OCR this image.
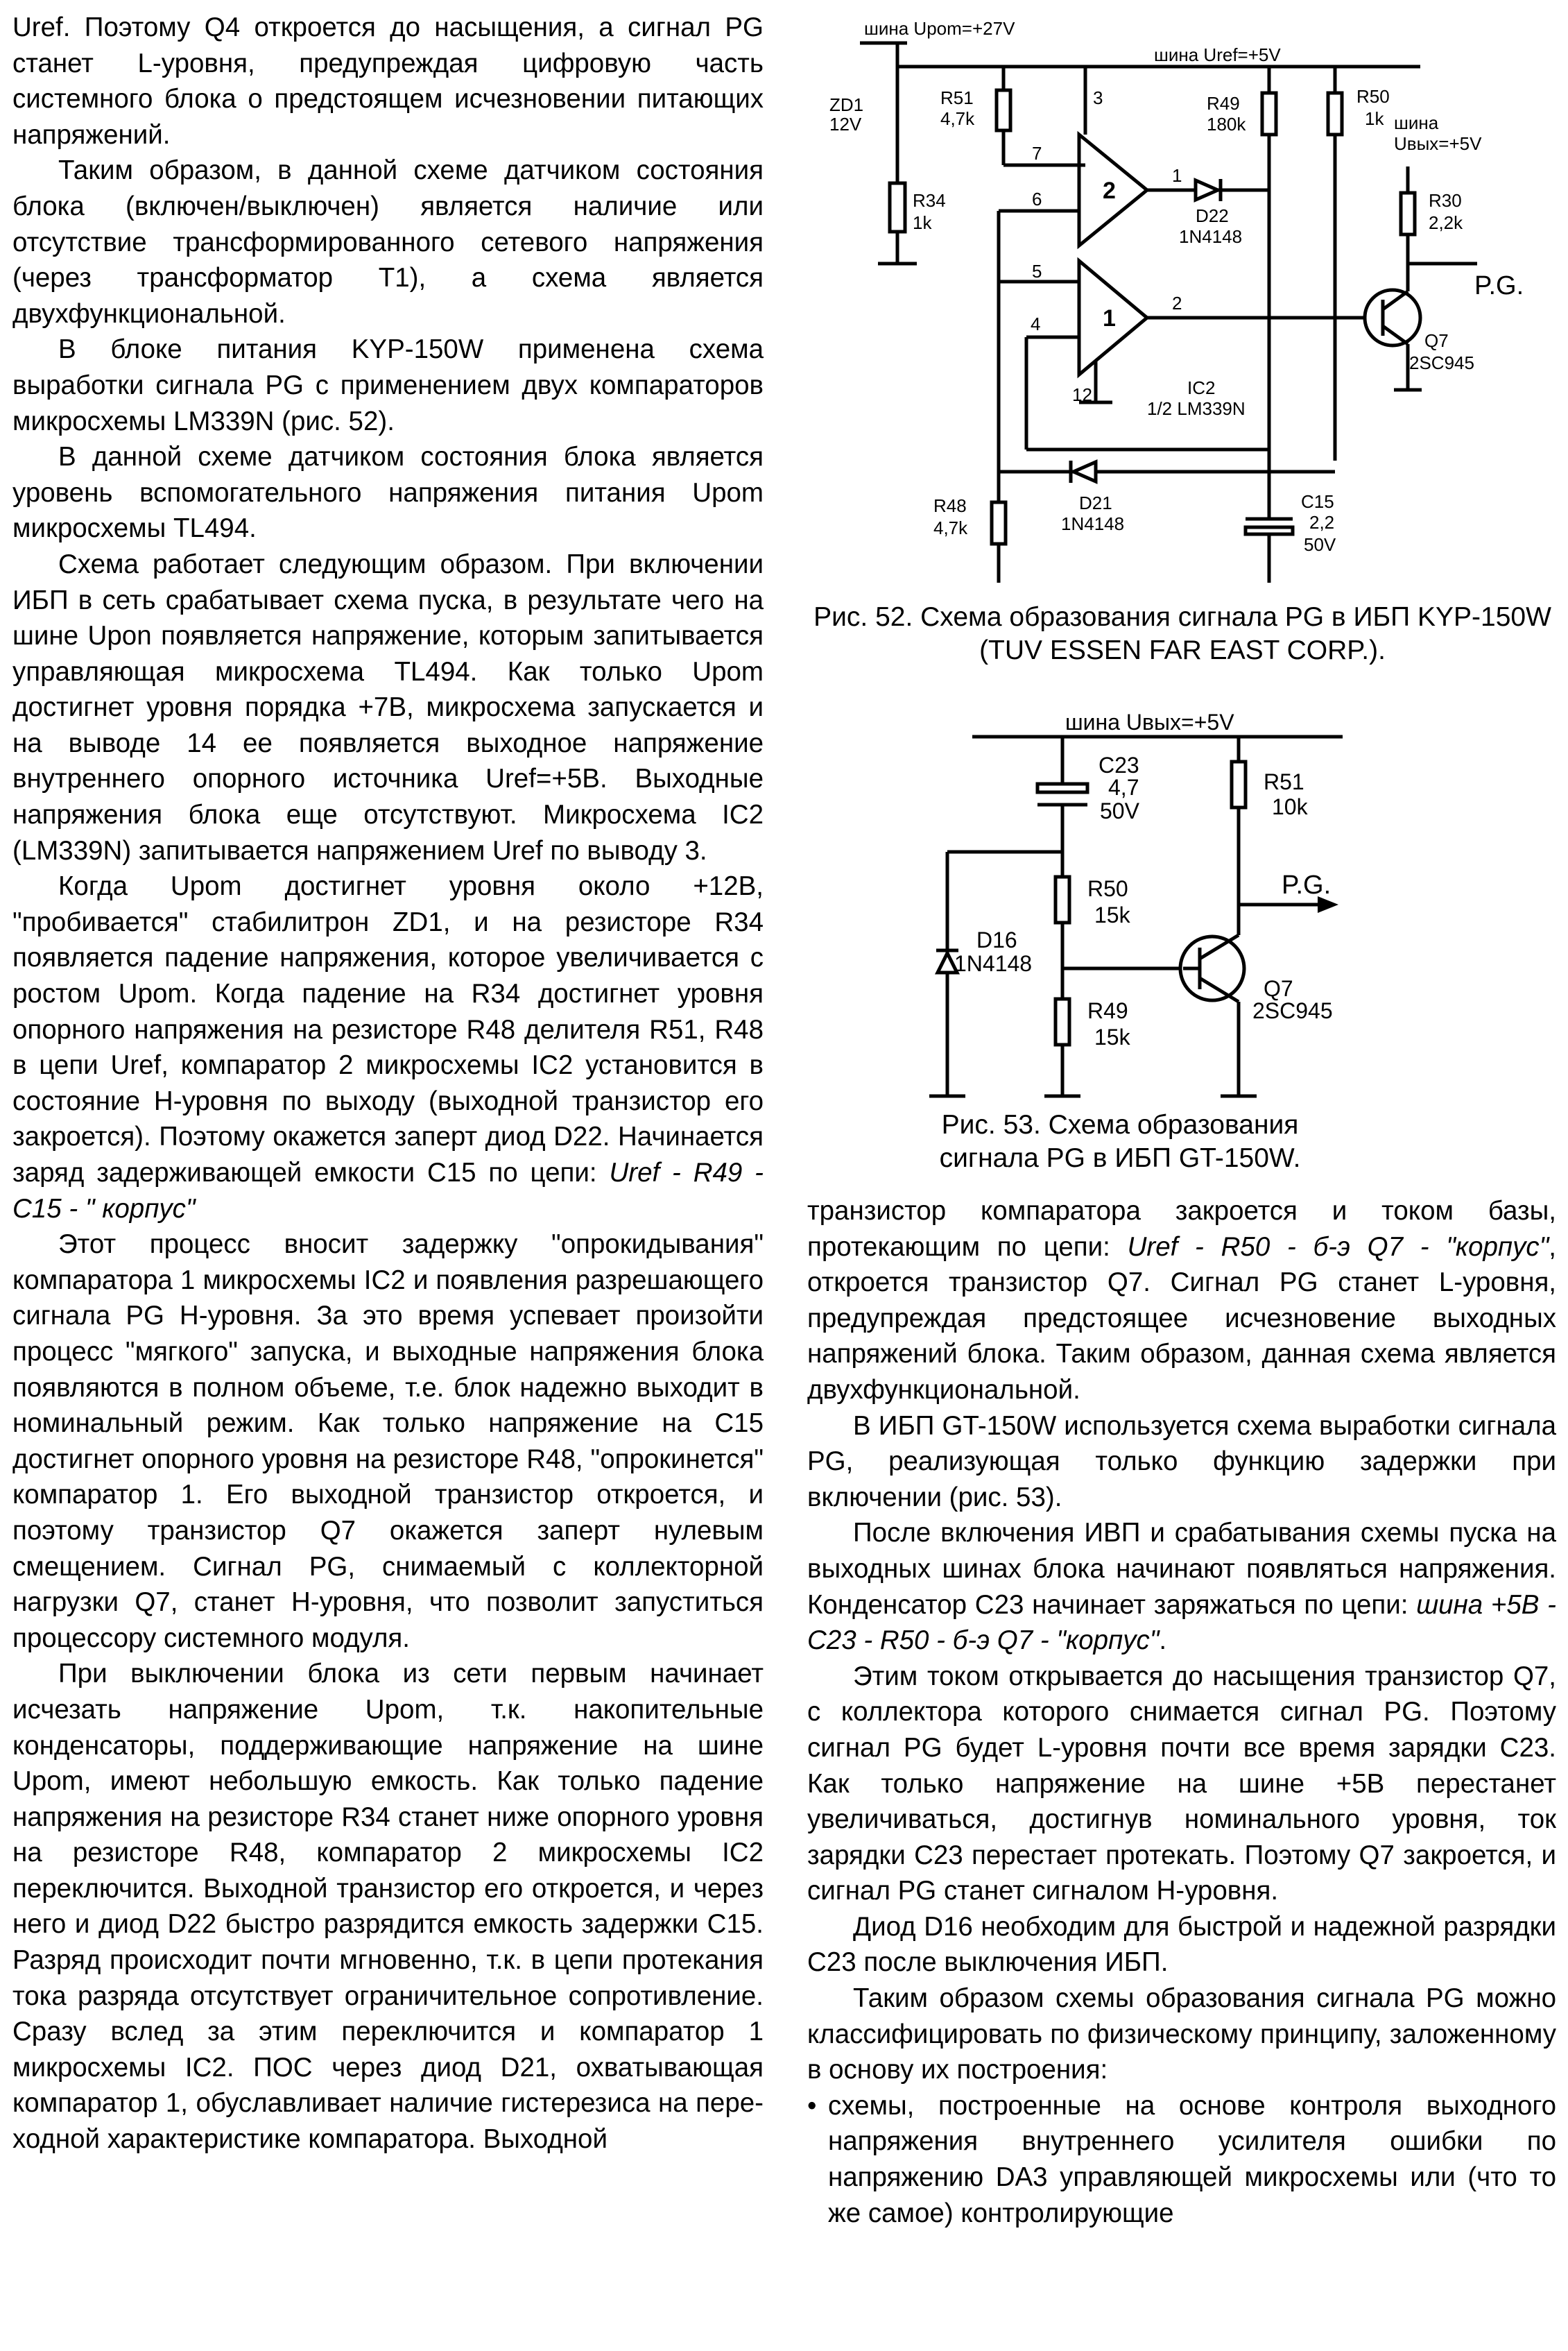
Uref. Поэтому Q4 откроется до насыщения, а сигнал PG станет L-уровня, предупреждая цифровую часть системного блока о предстоящем исчезновении питающих напряжений.

Таким образом, в данной схеме датчиком состояния блока (включен/выключен) является наличие или отсутствие трансформированного сетевого напряжения (через трансформатор T1), а схема является двухфункциональной.

В блоке питания KYP-150W применена схема выработки сигнала PG с применением двух компараторов микросхемы LM339N (рис. 52).

В данной схеме датчиком состояния блока является уровень вспомогательного напряжения питания Upom микросхемы TL494.

Схема работает следующим образом. При включении ИБП в сеть срабатывает схема пуска, в результате чего на шине Upon появляется напряжение, которым запитывается управляющая микросхема TL494. Как только Upom достигнет уровня порядка +7В, микросхема запускается и на выводе 14 ее появляется выходное напряжение внутреннего опорного источника Uref=+5В. Выходные напряжения блока еще отсутствуют. Микросхема IC2 (LM339N) запитывается напряжением Uref по выводу 3.

Когда Upom достигнет уровня около +12В, "пробивается" стабилитрон ZD1, и на резисторе R34 появляется падение напряжения, которое увеличивается с ростом Upom. Когда падение на R34 достигнет уровня опорного напряжения на резисторе R48 делителя R51, R48 в цепи Uref, компаратор 2 микросхемы IC2 установится в состояние H-уровня по выходу (выходной транзистор его закроется). Поэтому окажется заперт диод D22. Начинается заряд задерживающей емкости C15 по цепи: Uref - R49 - C15 - " корпус"

Этот процесс вносит задержку "опрокидывания" компаратора 1 микросхемы IC2 и появления разрешающего сигнала PG H-уровня. За это время успевает произойти процесс "мягкого" запуска, и выходные напряжения блока появляются в полном объеме, т.е. блок надежно выходит в номинальный режим. Как только напряжение на C15 достигнет опорного уровня на резисторе R48, "опрокинется" компаратор 1. Его выходной транзистор откроется, и поэтому транзистор Q7 окажется заперт нулевым смещением. Сигнал PG, снимаемый с коллекторной нагрузки Q7, станет H-уровня, что позволит запуститься процессору системного модуля.

При выключении блока из сети первым начинает исчезать напряжение Upom, т.к. накопительные конденсаторы, поддерживающие напряжение на шине Upom, имеют небольшую емкость. Как только падение напряжения на резисторе R34 станет ниже опорного уровня на резисторе R48, компаратор 2 микросхемы IC2 переключится. Выходной транзистор его откроется, и через него и диод D22 быстро разрядится емкость задержки C15. Разряд происходит почти мгновенно, т.к. в цепи протекания тока разряда отсутствует ограничительное сопротивление. Сразу вслед за этим переключится и компаратор 1 микросхемы IC2. ПОС через диод D21, охватывающая компаратор 1, обуславливает наличие гистерезиса на переходной характеристике компаратора. Выходной

шина Upom=+27V
шина Uref=+5V
шина
Uвых=+5V
ZD1
12V
R51
4,7k
R34
1k
R49
180k
R50
1k
R30
2,2k
D22
1N4148
Q7
2SC945
IC2
1/2 LM339N
R48
4,7k
D21
1N4148
C15
2,2
50V
3
7
6
5
4
12
1
2
2
1
P.G.
Рис. 52. Схема образования сигнала PG в ИБП KYP-150W (TUV ESSEN FAR EAST CORP.).
шина Uвых=+5V
C23
4,7
50V
R51
10k
R50
15k
D16
1N4148
R49
15k
Q7
2SC945
P.G.
Рис. 53. Схема образования
сигнала PG в ИБП GT-150W.

транзистор компаратора закроется и током базы, протекающим по цепи: Uref - R50 - б-э Q7 - "корпус", откроется транзистор Q7. Сигнал PG станет L-уровня, предупреждая предстоящее исчезновение выходных напряжений блока. Таким образом, данная схема является двухфункциональной.

В ИБП GT-150W используется схема выработки сигнала PG, реализующая только функцию задержки при включении (рис. 53).

После включения ИВП и срабатывания схемы пуска на выходных шинах блока начинают появляться напряжения. Конденсатор C23 начинает заряжаться по цепи: шина +5В - C23 - R50 - б-э Q7 - "корпус".

Этим током открывается до насыщения транзистор Q7, с коллектора которого снимается сигнал PG. Поэтому сигнал PG будет L-уровня почти все время зарядки C23. Как только напряжение на шине +5В перестанет увеличиваться, достигнув номинального уровня, ток зарядки C23 перестает протекать. Поэтому Q7 закроется, и сигнал PG станет сигналом H-уровня.

Диод D16 необходим для быстрой и надежной разрядки C23 после выключения ИБП.

Таким образом схемы образования сигнала PG можно классифицировать по физическому принципу, заложенному в основу их построения:

• схемы, построенные на основе контроля выходного напряжения внутреннего усилителя ошибки по напряжению DA3 управляющей микросхемы или (что то же самое) контролирующие
